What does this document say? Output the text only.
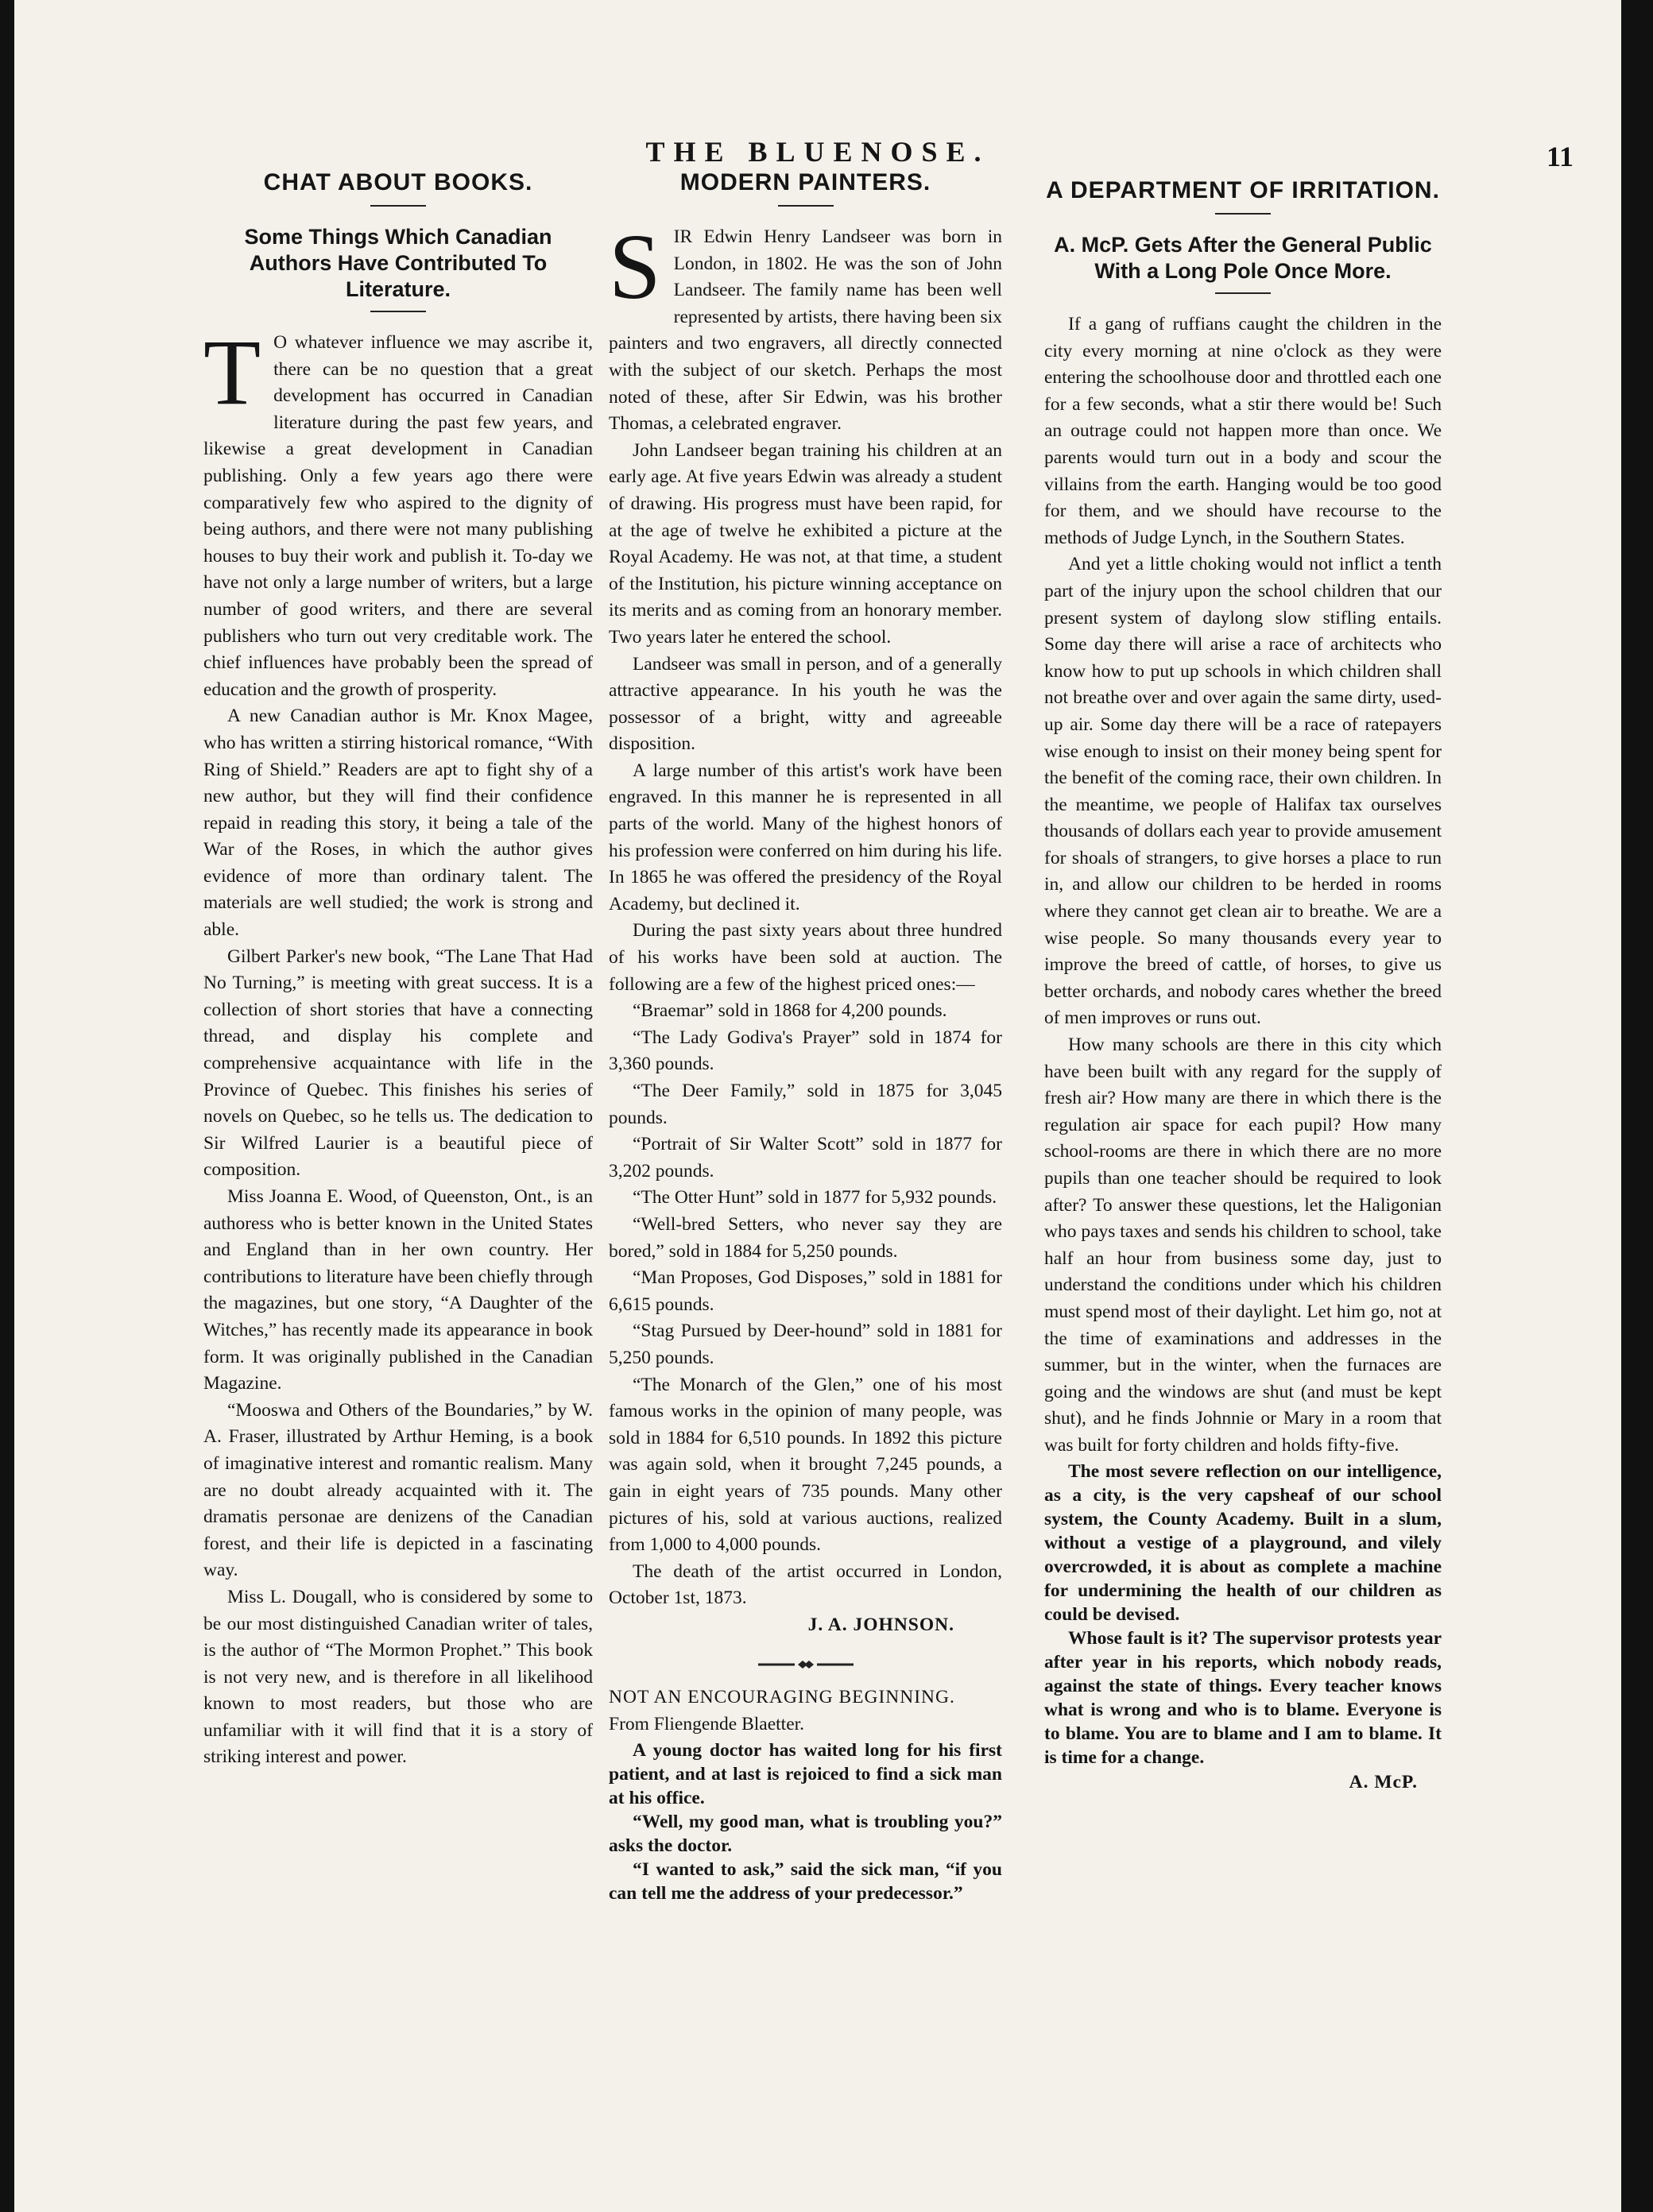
THE BLUENOSE.	11
CHAT ABOUT BOOKS.
Some Things Which Canadian Authors Have Contributed To Literature.

T O whatever influence we may ascribe it, there can be no question that a great development has occurred in Canadian literature during the past few years, and likewise a great development in Canadian publishing. Only a few years ago there were comparatively few who aspired to the dignity of being authors, and there were not many publishing houses to buy their work and publish it. To-day we have not only a large number of writers, but a large number of good writers, and there are several publishers who turn out very creditable work. The chief influences have probably been the spread of education and the growth of prosperity.

A new Canadian author is Mr. Knox Magee, who has written a stirring historical romance, “With Ring of Shield.” Readers are apt to fight shy of a new author, but they will find their confidence repaid in reading this story, it being a tale of the War of the Roses, in which the author gives evidence of more than ordinary talent. The materials are well studied; the work is strong and able.

Gilbert Parker's new book, “The Lane That Had No Turning,” is meeting with great success. It is a collection of short stories that have a connecting thread, and display his complete and comprehensive acquaintance with life in the Province of Quebec. This finishes his series of novels on Quebec, so he tells us. The dedication to Sir Wilfred Laurier is a beautiful piece of composition.

Miss Joanna E. Wood, of Queenston, Ont., is an authoress who is better known in the United States and England than in her own country. Her contributions to literature have been chiefly through the magazines, but one story, “A Daughter of the Witches,” has recently made its appearance in book form. It was originally published in the Canadian Magazine.

“Mooswa and Others of the Boundaries,” by W. A. Fraser, illustrated by Arthur Heming, is a book of imaginative interest and romantic realism. Many are no doubt already acquainted with it. The dramatis personae are denizens of the Canadian forest, and their life is depicted in a fascinating way.

Miss L. Dougall, who is considered by some to be our most distinguished Canadian writer of tales, is the author of “The Mormon Prophet.” This book is not very new, and is therefore in all likelihood known to most readers, but those who are unfamiliar with it will find that it is a story of striking interest and power.

MODERN PAINTERS.

SIR Edwin Henry Landseer was born in London, in 1802. He was the son of John Landseer. The family name has been well represented by artists, there having been six painters and two engravers, all directly connected with the subject of our sketch. Perhaps the most noted of these, after Sir Edwin, was his brother Thomas, a celebrated engraver.

John Landseer began training his children at an early age. At five years Edwin was already a student of drawing. His progress must have been rapid, for at the age of twelve he exhibited a picture at the Royal Academy. He was not, at that time, a student of the Institution, his picture winning acceptance on its merits and as coming from an honorary member. Two years later he entered the school.

Landseer was small in person, and of a generally attractive appearance. In his youth he was the possessor of a bright, witty and agreeable disposition.

A large number of this artist's work have been engraved. In this manner he is represented in all parts of the world. Many of the highest honors of his profession were conferred on him during his life. In 1865 he was offered the presidency of the Royal Academy, but declined it.

During the past sixty years about three hundred of his works have been sold at auction. The following are a few of the highest priced ones:—

“Braemar” sold in 1868 for 4,200 pounds.

“The Lady Godiva's Prayer” sold in 1874 for 3,360 pounds.

“The Deer Family,” sold in 1875 for 3,045 pounds.

“Portrait of Sir Walter Scott” sold in 1877 for 3,202 pounds.

“The Otter Hunt” sold in 1877 for 5,932 pounds.

“Well-bred Setters, who never say they are bored,” sold in 1884 for 5,250 pounds.

“Man Proposes, God Disposes,” sold in 1881 for 6,615 pounds.

“Stag Pursued by Deer-hound” sold in 1881 for 5,250 pounds.

“The Monarch of the Glen,” one of his most famous works in the opinion of many people, was sold in 1884 for 6,510 pounds. In 1892 this picture was again sold, when it brought 7,245 pounds, a gain in eight years of 735 pounds. Many other pictures of his, sold at various auctions, realized from 1,000 to 4,000 pounds.

The death of the artist occurred in London, October 1st, 1873.

J. A. JOHNSON.

NOT AN ENCOURAGING BEGINNING.

From Fliengende Blaetter.

A young doctor has waited long for his first patient, and at last is rejoiced to find a sick man at his office.

“Well, my good man, what is troubling you?” asks the doctor.

“I wanted to ask,” said the sick man, “if you can tell me the address of your predecessor.”

A DEPARTMENT OF IRRITATION.
A. McP. Gets After the General Public With a Long Pole Once More.

If a gang of ruffians caught the children in the city every morning at nine o'clock as they were entering the schoolhouse door and throttled each one for a few seconds, what a stir there would be! Such an outrage could not happen more than once. We parents would turn out in a body and scour the villains from the earth. Hanging would be too good for them, and we should have recourse to the methods of Judge Lynch, in the Southern States.

And yet a little choking would not inflict a tenth part of the injury upon the school children that our present system of daylong slow stifling entails. Some day there will arise a race of architects who know how to put up schools in which children shall not breathe over and over again the same dirty, used-up air. Some day there will be a race of ratepayers wise enough to insist on their money being spent for the benefit of the coming race, their own children. In the meantime, we people of Halifax tax ourselves thousands of dollars each year to provide amusement for shoals of strangers, to give horses a place to run in, and allow our children to be herded in rooms where they cannot get clean air to breathe. We are a wise people. So many thousands every year to improve the breed of cattle, of horses, to give us better orchards, and nobody cares whether the breed of men improves or runs out.

How many schools are there in this city which have been built with any regard for the supply of fresh air? How many are there in which there is the regulation air space for each pupil? How many school-rooms are there in which there are no more pupils than one teacher should be required to look after? To answer these questions, let the Haligonian who pays taxes and sends his children to school, take half an hour from business some day, just to understand the conditions under which his children must spend most of their daylight. Let him go, not at the time of examinations and addresses in the summer, but in the winter, when the furnaces are going and the windows are shut (and must be kept shut), and he finds Johnnie or Mary in a room that was built for forty children and holds fifty-five.

The most severe reflection on our intelligence, as a city, is the very capsheaf of our school system, the County Academy. Built in a slum, without a vestige of a playground, and vilely overcrowded, it is about as complete a machine for undermining the health of our children as could be devised.

Whose fault is it? The supervisor protests year after year in his reports, which nobody reads, against the state of things. Every teacher knows what is wrong and who is to blame. Everyone is to blame. You are to blame and I am to blame. It is time for a change.

A. McP.
